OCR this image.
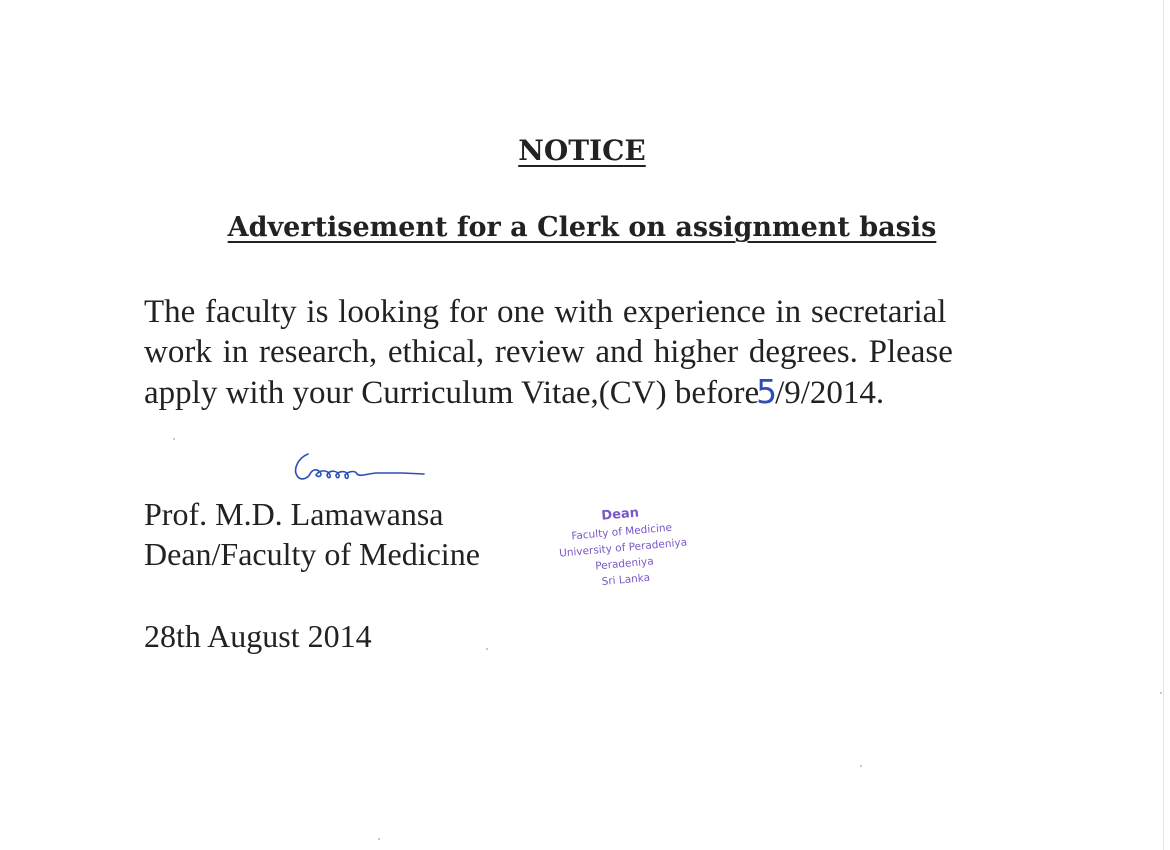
NOTICE
Advertisement for a Clerk on assignment basis

The faculty is looking for one with experience in secretarial
work in research, ethical, review and higher degrees. Please
apply with your Curriculum Vitae,(CV) before5/9/2014.

Prof. M.D. Lamawansa

Dean/Faculty of Medicine

Dean
Faculty of Medicine
University of Peradeniya
Peradeniya
Sri Lanka

28th August 2014
